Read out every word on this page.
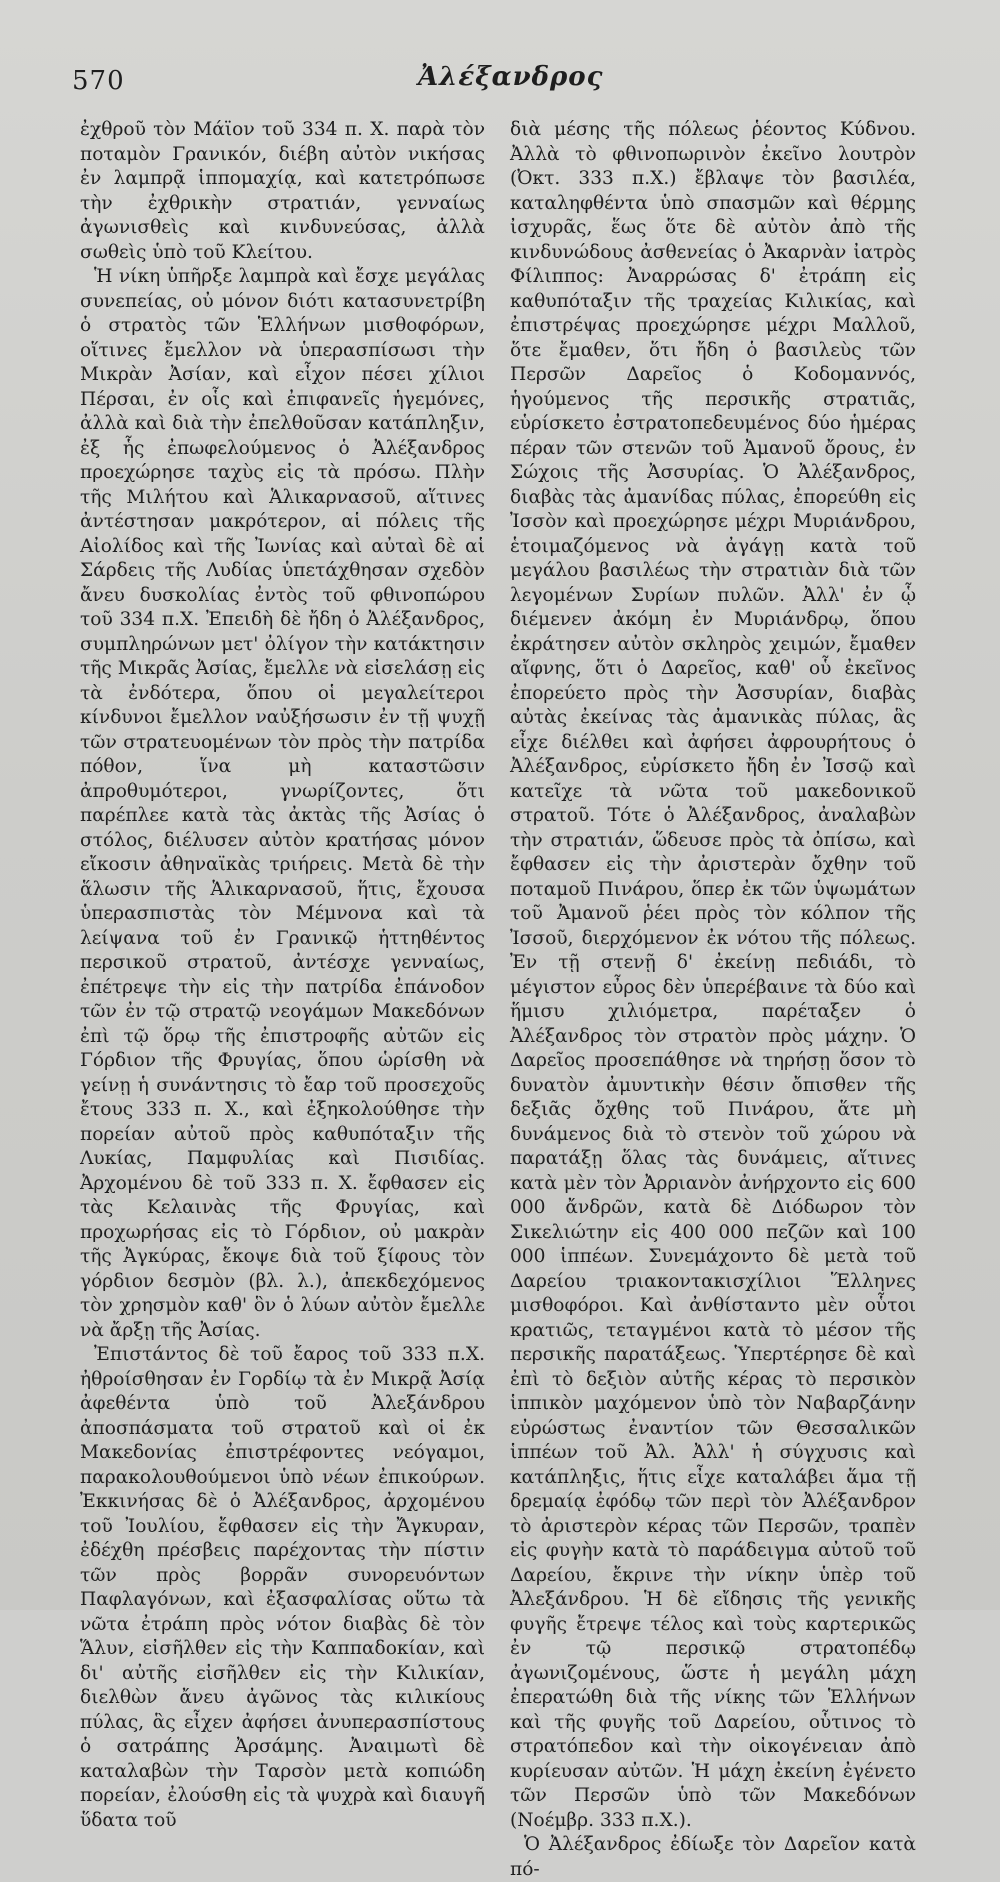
570	Ἀλέξανδρος

ἐχθροῦ τὸν Μάϊον τοῦ 334 π. Χ. παρὰ τὸν ποταμὸν Γρανικόν, διέβη αὐτὸν νικήσας ἐν λαμπρᾷ ἱππομαχίᾳ, καὶ κατετρόπωσε τὴν ἐχθρικὴν στρατιάν, γενναίως ἀγωνισθεὶς καὶ κινδυνεύσας, ἀλλὰ σωθεὶς ὑπὸ τοῦ Κλείτου.

Ἡ νίκη ὑπῆρξε λαμπρὰ καὶ ἔσχε μεγάλας συνεπείας, οὐ μόνον διότι κατασυνετρίβη ὁ στρατὸς τῶν Ἑλλήνων μισθοφόρων, οἵτινες ἔμελλον νὰ ὑπερασπίσωσι τὴν Μικρὰν Ἀσίαν, καὶ εἶχον πέσει χίλιοι Πέρσαι, ἐν οἷς καὶ ἐπιφανεῖς ἡγεμόνες, ἀλλὰ καὶ διὰ τὴν ἐπελθοῦσαν κατάπληξιν, ἐξ ἧς ἐπωφελούμενος ὁ Ἀλέξανδρος προεχώρησε ταχὺς εἰς τὰ πρόσω. Πλὴν τῆς Μιλήτου καὶ Ἁλικαρνασοῦ, αἵτινες ἀντέστησαν μακρότερον, αἱ πόλεις τῆς Αἰολίδος καὶ τῆς Ἰωνίας καὶ αὐταὶ δὲ αἱ Σάρδεις τῆς Λυδίας ὑπετάχθησαν σχεδὸν ἄνευ δυσκολίας ἐντὸς τοῦ φθινοπώρου τοῦ 334 π.Χ. Ἐπειδὴ δὲ ἤδη ὁ Ἀλέξανδρος, συμπληρώνων μετ' ὀλίγον τὴν κατάκτησιν τῆς Μικρᾶς Ἀσίας, ἔμελλε νὰ εἰσελάσῃ εἰς τὰ ἐνδότερα, ὅπου οἱ μεγαλείτεροι κίνδυνοι ἔμελλον ναὐξήσωσιν ἐν τῇ ψυχῇ τῶν στρατευομένων τὸν πρὸς τὴν πατρίδα πόθον, ἵνα μὴ καταστῶσιν ἀπροθυμότεροι, γνωρίζοντες, ὅτι παρέπλεε κατὰ τὰς ἀκτὰς τῆς Ἀσίας ὁ στόλος, διέλυσεν αὐτὸν κρατήσας μόνον εἴκοσιν ἀθηναϊκὰς τριήρεις. Μετὰ δὲ τὴν ἅλωσιν τῆς Ἁλικαρνασοῦ, ἥτις, ἔχουσα ὑπερασπιστὰς τὸν Μέμνονα καὶ τὰ λείψανα τοῦ ἐν Γρανικῷ ἡττηθέντος περσικοῦ στρατοῦ, ἀντέσχε γενναίως, ἐπέτρεψε τὴν εἰς τὴν πατρίδα ἐπάνοδον τῶν ἐν τῷ στρατῷ νεογάμων Μακεδόνων ἐπὶ τῷ ὅρῳ τῆς ἐπιστροφῆς αὐτῶν εἰς Γόρδιον τῆς Φρυγίας, ὅπου ὡρίσθη νὰ γείνῃ ἡ συνάντησις τὸ ἔαρ τοῦ προσεχοῦς ἔτους 333 π. Χ., καὶ ἐξηκολούθησε τὴν πορείαν αὐτοῦ πρὸς καθυπόταξιν τῆς Λυκίας, Παμφυλίας καὶ Πισιδίας. Ἀρχομένου δὲ τοῦ 333 π. Χ. ἔφθασεν εἰς τὰς Κελαινὰς τῆς Φρυγίας, καὶ προχωρήσας εἰς τὸ Γόρδιον, οὐ μακρὰν τῆς Ἀγκύρας, ἔκοψε διὰ τοῦ ξίφους τὸν γόρδιον δεσμὸν (βλ. λ.), ἀπεκδεχόμενος τὸν χρησμὸν καθ' ὃν ὁ λύων αὐτὸν ἔμελλε νὰ ἄρξῃ τῆς Ἀσίας.

Ἐπιστάντος δὲ τοῦ ἔαρος τοῦ 333 π.Χ. ἠθροίσθησαν ἐν Γορδίῳ τὰ ἐν Μικρᾷ Ἀσίᾳ ἀφεθέντα ὑπὸ τοῦ Ἀλεξάνδρου ἀποσπάσματα τοῦ στρατοῦ καὶ οἱ ἐκ Μακεδονίας ἐπιστρέφοντες νεόγαμοι, παρακολουθούμενοι ὑπὸ νέων ἐπικούρων. Ἐκκινήσας δὲ ὁ Ἀλέξανδρος, ἀρχομένου τοῦ Ἰουλίου, ἔφθασεν εἰς τὴν Ἄγκυραν, ἐδέχθη πρέσβεις παρέχοντας τὴν πίστιν τῶν πρὸς βορρᾶν συνορευόντων Παφλαγόνων, καὶ ἐξασφαλίσας οὕτω τὰ νῶτα ἐτράπη πρὸς νότον διαβὰς δὲ τὸν Ἅλυν, εἰσῆλθεν εἰς τὴν Καππαδοκίαν, καὶ δι' αὐτῆς εἰσῆλθεν εἰς τὴν Κιλικίαν, διελθὼν ἄνευ ἀγῶνος τὰς κιλικίους πύλας, ἃς εἶχεν ἀφήσει ἀνυπερασπίστους ὁ σατράπης Ἀρσάμης. Ἀναιμωτὶ δὲ καταλαβὼν τὴν Ταρσὸν μετὰ κοπιώδη πορείαν, ἐλούσθη εἰς τὰ ψυχρὰ καὶ διαυγῆ ὕδατα τοῦ

διὰ μέσης τῆς πόλεως ῥέοντος Κύδνου. Ἀλλὰ τὸ φθινοπωρινὸν ἐκεῖνο λουτρὸν (Ὀκτ. 333 π.Χ.) ἔβλαψε τὸν βασιλέα, καταληφθέντα ὑπὸ σπασμῶν καὶ θέρμης ἰσχυρᾶς, ἕως ὅτε δὲ αὐτὸν ἀπὸ τῆς κινδυνώδους ἀσθενείας ὁ Ἀκαρνὰν ἰατρὸς Φίλιππος: Ἀναρρώσας δ' ἐτράπη εἰς καθυπόταξιν τῆς τραχείας Κιλικίας, καὶ ἐπιστρέψας προεχώρησε μέχρι Μαλλοῦ, ὅτε ἔμαθεν, ὅτι ἤδη ὁ βασιλεὺς τῶν Περσῶν Δαρεῖος ὁ Κοδομαννός, ἡγούμενος τῆς περσικῆς στρατιᾶς, εὑρίσκετο ἐστρατοπεδευμένος δύο ἡμέρας πέραν τῶν στενῶν τοῦ Ἀμανοῦ ὄρους, ἐν Σώχοις τῆς Ἀσσυρίας. Ὁ Ἀλέξανδρος, διαβὰς τὰς ἀμανίδας πύλας, ἐπορεύθη εἰς Ἰσσὸν καὶ προεχώρησε μέχρι Μυριάνδρου, ἑτοιμαζόμενος νὰ ἀγάγῃ κατὰ τοῦ μεγάλου βασιλέως τὴν στρατιὰν διὰ τῶν λεγομένων Συρίων πυλῶν. Ἀλλ' ἐν ᾧ διέμενεν ἀκόμη ἐν Μυριάνδρῳ, ὅπου ἐκράτησεν αὐτὸν σκληρὸς χειμών, ἔμαθεν αἴφνης, ὅτι ὁ Δαρεῖος, καθ' οὗ ἐκεῖνος ἐπορεύετο πρὸς τὴν Ἀσσυρίαν, διαβὰς αὐτὰς ἐκείνας τὰς ἀμανικὰς πύλας, ἃς εἶχε διέλθει καὶ ἀφήσει ἀφρουρήτους ὁ Ἀλέξανδρος, εὑρίσκετο ἤδη ἐν Ἰσσῷ καὶ κατεῖχε τὰ νῶτα τοῦ μακεδονικοῦ στρατοῦ. Τότε ὁ Ἀλέξανδρος, ἀναλαβὼν τὴν στρατιάν, ὥδευσε πρὸς τὰ ὀπίσω, καὶ ἔφθασεν εἰς τὴν ἀριστερὰν ὄχθην τοῦ ποταμοῦ Πινάρου, ὅπερ ἐκ τῶν ὑψωμάτων τοῦ Ἀμανοῦ ῥέει πρὸς τὸν κόλπον τῆς Ἰσσοῦ, διερχόμενον ἐκ νότου τῆς πόλεως. Ἐν τῇ στενῇ δ' ἐκείνῃ πεδιάδι, τὸ μέγιστον εὖρος δὲν ὑπερέβαινε τὰ δύο καὶ ἥμισυ χιλιόμετρα, παρέταξεν ὁ Ἀλέξανδρος τὸν στρατὸν πρὸς μάχην. Ὁ Δαρεῖος προσεπάθησε νὰ τηρήσῃ ὅσον τὸ δυνατὸν ἀμυντικὴν θέσιν ὄπισθεν τῆς δεξιᾶς ὄχθης τοῦ Πινάρου, ἅτε μὴ δυνάμενος διὰ τὸ στενὸν τοῦ χώρου νὰ παρατάξῃ ὅλας τὰς δυνάμεις, αἵτινες κατὰ μὲν τὸν Ἀρριανὸν ἀνήρχοντο εἰς 600 000 ἄνδρῶν, κατὰ δὲ Διόδωρον τὸν Σικελιώτην εἰς 400 000 πεζῶν καὶ 100 000 ἱππέων. Συνεμάχοντο δὲ μετὰ τοῦ Δαρείου τριακοντακισχίλιοι Ἕλληνες μισθοφόροι. Καὶ ἀνθίσταντο μὲν οὗτοι κρατιῶς, τεταγμένοι κατὰ τὸ μέσον τῆς περσικῆς παρατάξεως. Ὑπερτέρησε δὲ καὶ ἐπὶ τὸ δεξιὸν αὐτῆς κέρας τὸ περσικὸν ἱππικὸν μαχόμενον ὑπὸ τὸν Ναβαρζάνην εὐρώστως ἐναντίον τῶν Θεσσαλικῶν ἱππέων τοῦ Ἀλ. Ἀλλ' ἡ σύγχυσις καὶ κατάπληξις, ἥτις εἶχε καταλάβει ἅμα τῇ δρεμαίᾳ ἐφόδῳ τῶν περὶ τὸν Ἀλέξανδρον τὸ ἀριστερὸν κέρας τῶν Περσῶν, τραπὲν εἰς φυγὴν κατὰ τὸ παράδειγμα αὐτοῦ τοῦ Δαρείου, ἔκρινε τὴν νίκην ὑπὲρ τοῦ Ἀλεξάνδρου. Ἡ δὲ εἴδησις τῆς γενικῆς φυγῆς ἔτρεψε τέλος καὶ τοὺς καρτερικῶς ἐν τῷ περσικῷ στρατοπέδῳ ἀγωνιζομένους, ὥστε ἡ μεγάλη μάχη ἐπερατώθη διὰ τῆς νίκης τῶν Ἑλλήνων καὶ τῆς φυγῆς τοῦ Δαρείου, οὗτινος τὸ στρατόπεδον καὶ τὴν οἰκογένειαν ἀπὸ κυρίευσαν αὐτῶν. Ἡ μάχη ἐκείνη ἐγένετο τῶν Περσῶν ὑπὸ τῶν Μακεδόνων (Νοέμβρ. 333 π.Χ.).

Ὁ Ἀλέξανδρος ἐδίωξε τὸν Δαρεῖον κατὰ πό-
